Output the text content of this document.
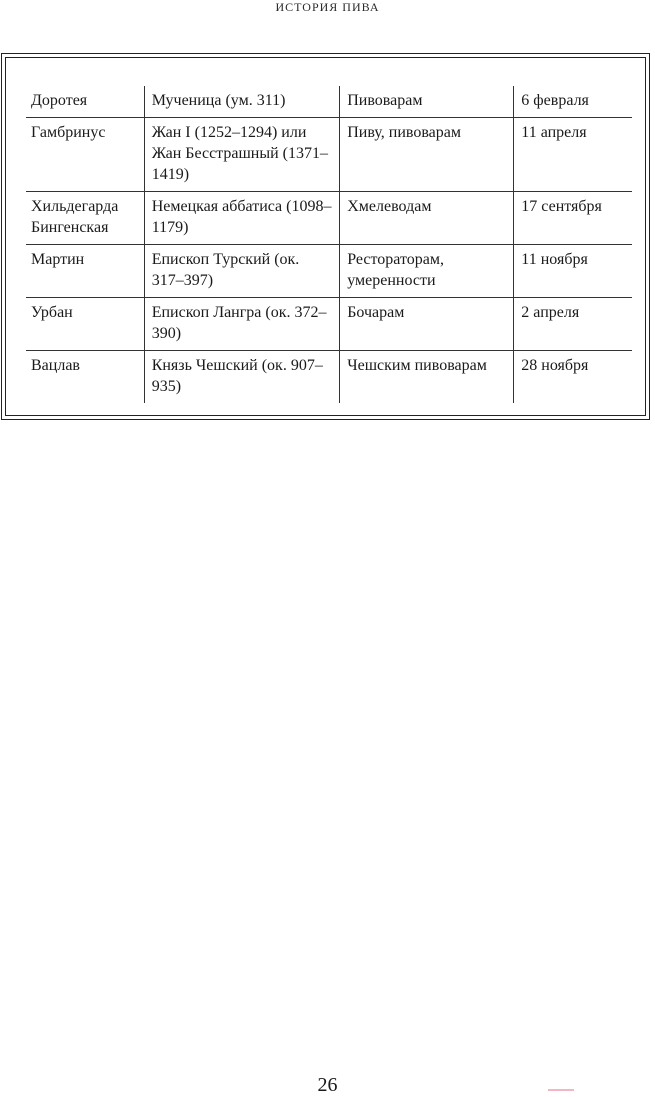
ИСТОРИЯ ПИВА
Доротея	Мученица (ум. 311)	Пивоварам	6 февраля
Гамбринус	Жан I (1252–1294) или Жан Бесстрашный (1371–1419)	Пиву, пивоварам	11 апреля
Хильдегарда Бингенская	Немецкая аббатиса (1098–1179)	Хмелеводам	17 сентября
Мартин	Епископ Турский (ок. 317–397)	Рестораторам, умеренности	11 ноября
Урбан	Епископ Лангра (ок. 372–390)	Бочарам	2 апреля
Вацлав	Князь Чешский (ок. 907–935)	Чешским пивоварам	28 ноября
26
